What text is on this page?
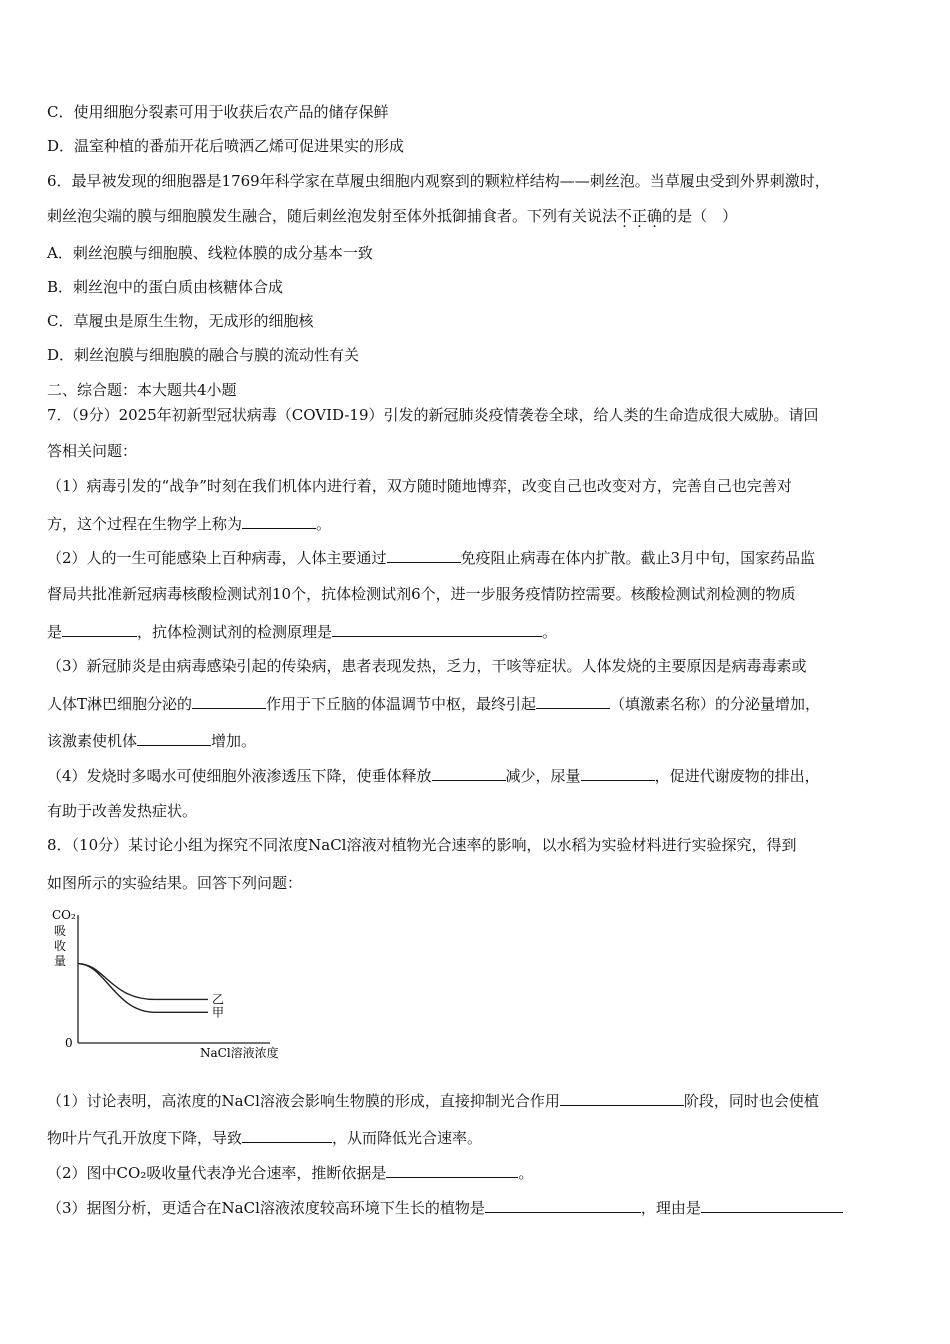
C．使用细胞分裂素可用于收获后农产品的储存保鲜
D．温室种植的番茄开花后喷洒乙烯可促进果实的形成
6．最早被发现的细胞器是1769年科学家在草履虫细胞内观察到的颗粒样结构——刺丝泡。当草履虫受到外界刺激时，
刺丝泡尖端的膜与细胞膜发生融合，随后刺丝泡发射至体外抵御捕食者。下列有关说法不正确的是（　）
A．刺丝泡膜与细胞膜、线粒体膜的成分基本一致
B．刺丝泡中的蛋白质由核糖体合成
C．草履虫是原生生物，无成形的细胞核
D．刺丝泡膜与细胞膜的融合与膜的流动性有关
二、综合题：本大题共4小题
7．（9分）2025年初新型冠状病毒（COVID-19）引发的新冠肺炎疫情袭卷全球，给人类的生命造成很大威胁。请回
答相关问题：
（1）病毒引发的“战争”时刻在我们机体内进行着，双方随时随地博弈，改变自己也改变对方，完善自己也完善对
方，这个过程在生物学上称为	。
（2）人的一生可能感染上百种病毒，人体主要通过	免疫阻止病毒在体内扩散。截止3月中旬，国家药品监
督局共批准新冠病毒核酸检测试剂10个，抗体检测试剂6个，进一步服务疫情防控需要。核酸检测试剂检测的物质
是	，抗体检测试剂的检测原理是	。
（3）新冠肺炎是由病毒感染引起的传染病，患者表现发热，乏力，干咳等症状。人体发烧的主要原因是病毒毒素或
人体T淋巴细胞分泌的	作用于下丘脑的体温调节中枢，最终引起	（填激素名称）的分泌量增加，
该激素使机体	增加。
（4）发烧时多喝水可使细胞外液渗透压下降，使垂体释放	减少，尿量	，促进代谢废物的排出，
有助于改善发热症状。
8．（10分）某讨论小组为探究不同浓度NaCl溶液对植物光合速率的影响，以水稻为实验材料进行实验探究，得到
如图所示的实验结果。回答下列问题：
CO₂
吸
收
量
0
NaCl溶液浓度
乙
甲
（1）讨论表明，高浓度的NaCl溶液会影响生物膜的形成，直接抑制光合作用	阶段，同时也会使植
物叶片气孔开放度下降，导致	，从而降低光合速率。
（2）图中CO₂吸收量代表净光合速率，推断依据是	。
（3）据图分析，更适合在NaCl溶液浓度较高环境下生长的植物是	，理由是
